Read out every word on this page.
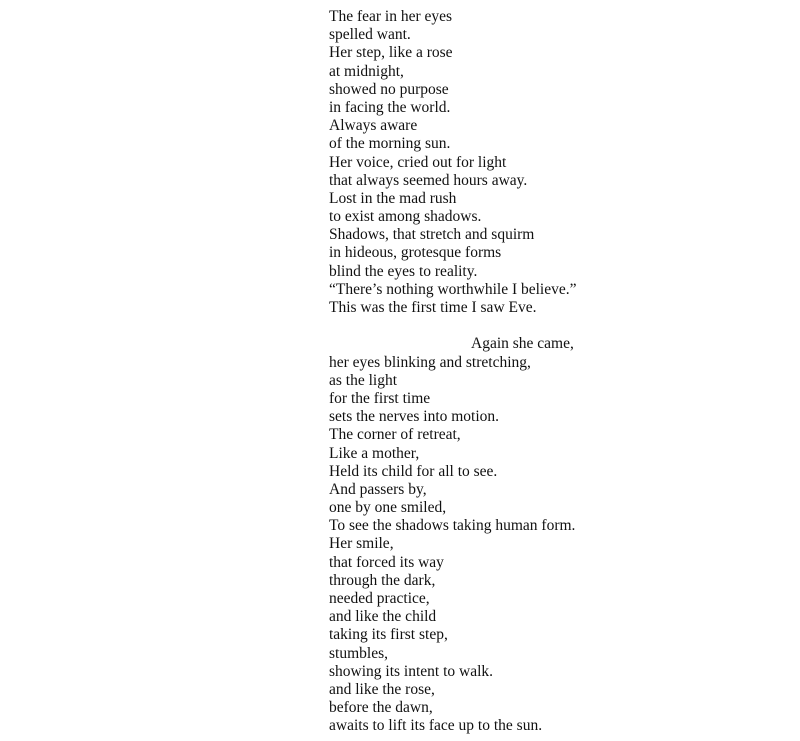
The fear in her eyes
spelled want.
Her step, like a rose
at midnight,
showed no purpose
in facing the world.
Always aware
of the morning sun.
Her voice, cried out for light
that always seemed hours away.
Lost in the mad rush
to exist among shadows.
Shadows, that stretch and squirm
in hideous, grotesque forms
blind the eyes to reality.
“There’s nothing worthwhile I believe.”
This was the first time I saw Eve.
Again she came,
her eyes blinking and stretching,
as the light
for the first time
sets the nerves into motion.
The corner of retreat,
Like a mother,
Held its child for all to see.
And passers by,
one by one smiled,
To see the shadows taking human form.
Her smile,
that forced its way
through the dark,
needed practice,
and like the child
taking its first step,
stumbles,
showing its intent to walk.
and like the rose,
before the dawn,
awaits to lift its face up to the sun.
